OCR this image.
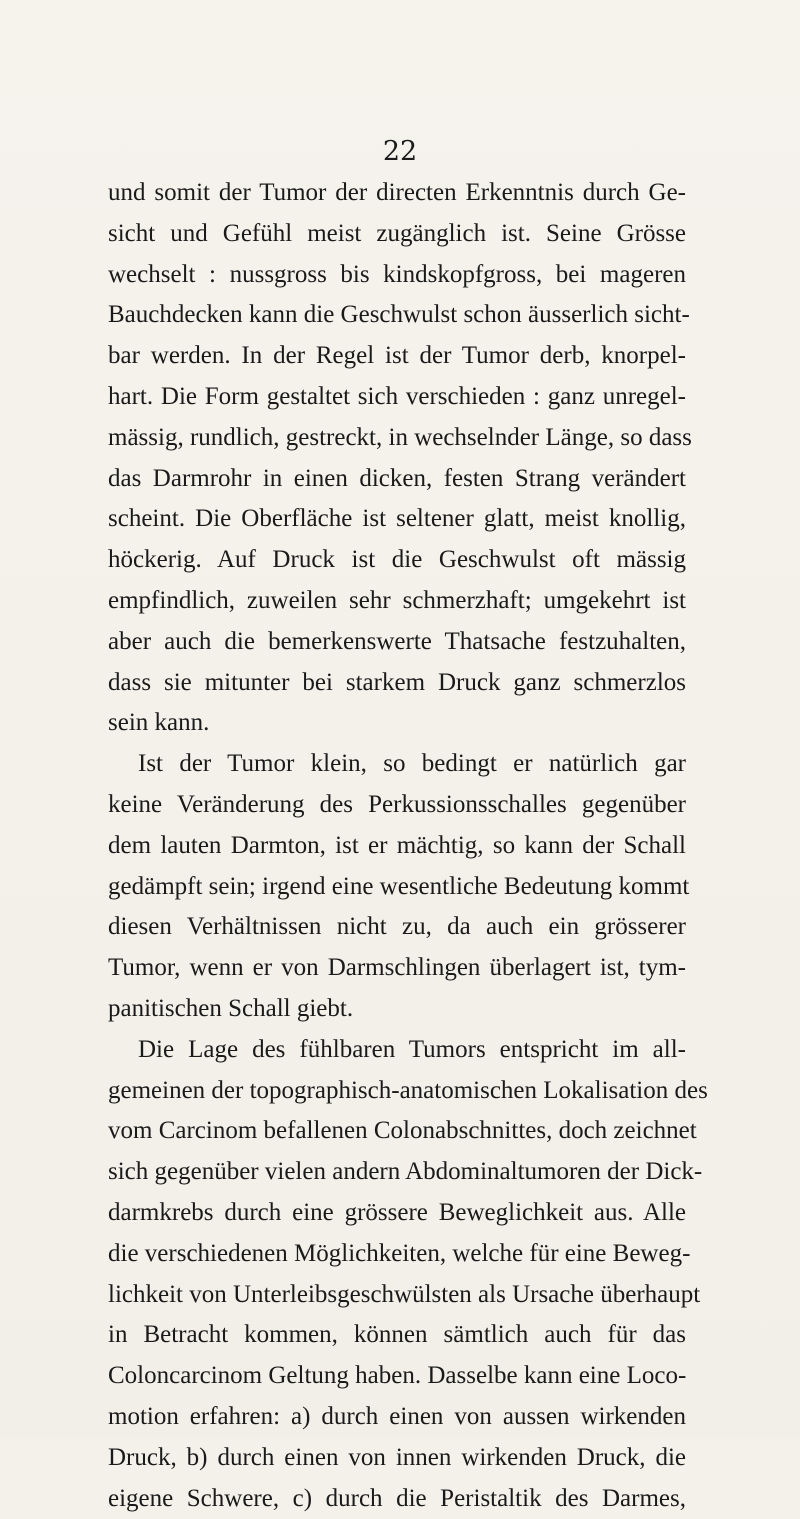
22
und somit der Tumor der directen Erkenntnis durch Ge-
sicht und Gefühl meist zugänglich ist. Seine Grösse
wechselt : nussgross bis kindskopfgross, bei mageren
Bauchdecken kann die Geschwulst schon äusserlich sicht-
bar werden. In der Regel ist der Tumor derb, knorpel-
hart. Die Form gestaltet sich verschieden : ganz unregel-
mässig, rundlich, gestreckt, in wechselnder Länge, so dass
das Darmrohr in einen dicken, festen Strang verändert
scheint. Die Oberfläche ist seltener glatt, meist knollig,
höckerig. Auf Druck ist die Geschwulst oft mässig
empfindlich, zuweilen sehr schmerzhaft; umgekehrt ist
aber auch die bemerkenswerte Thatsache festzuhalten,
dass sie mitunter bei starkem Druck ganz schmerzlos
sein kann.
Ist der Tumor klein, so bedingt er natürlich gar
keine Veränderung des Perkussionsschalles gegenüber
dem lauten Darmton, ist er mächtig, so kann der Schall
gedämpft sein; irgend eine wesentliche Bedeutung kommt
diesen Verhältnissen nicht zu, da auch ein grösserer
Tumor, wenn er von Darmschlingen überlagert ist, tym-
panitischen Schall giebt.
Die Lage des fühlbaren Tumors entspricht im all-
gemeinen der topographisch-anatomischen Lokalisation des
vom Carcinom befallenen Colonabschnittes, doch zeichnet
sich gegenüber vielen andern Abdominaltumoren der Dick-
darmkrebs durch eine grössere Beweglichkeit aus. Alle
die verschiedenen Möglichkeiten, welche für eine Beweg-
lichkeit von Unterleibsgeschwülsten als Ursache überhaupt
in Betracht kommen, können sämtlich auch für das
Coloncarcinom Geltung haben. Dasselbe kann eine Loco-
motion erfahren: a) durch einen von aussen wirkenden
Druck, b) durch einen von innen wirkenden Druck, die
eigene Schwere, c) durch die Peristaltik des Darmes,
